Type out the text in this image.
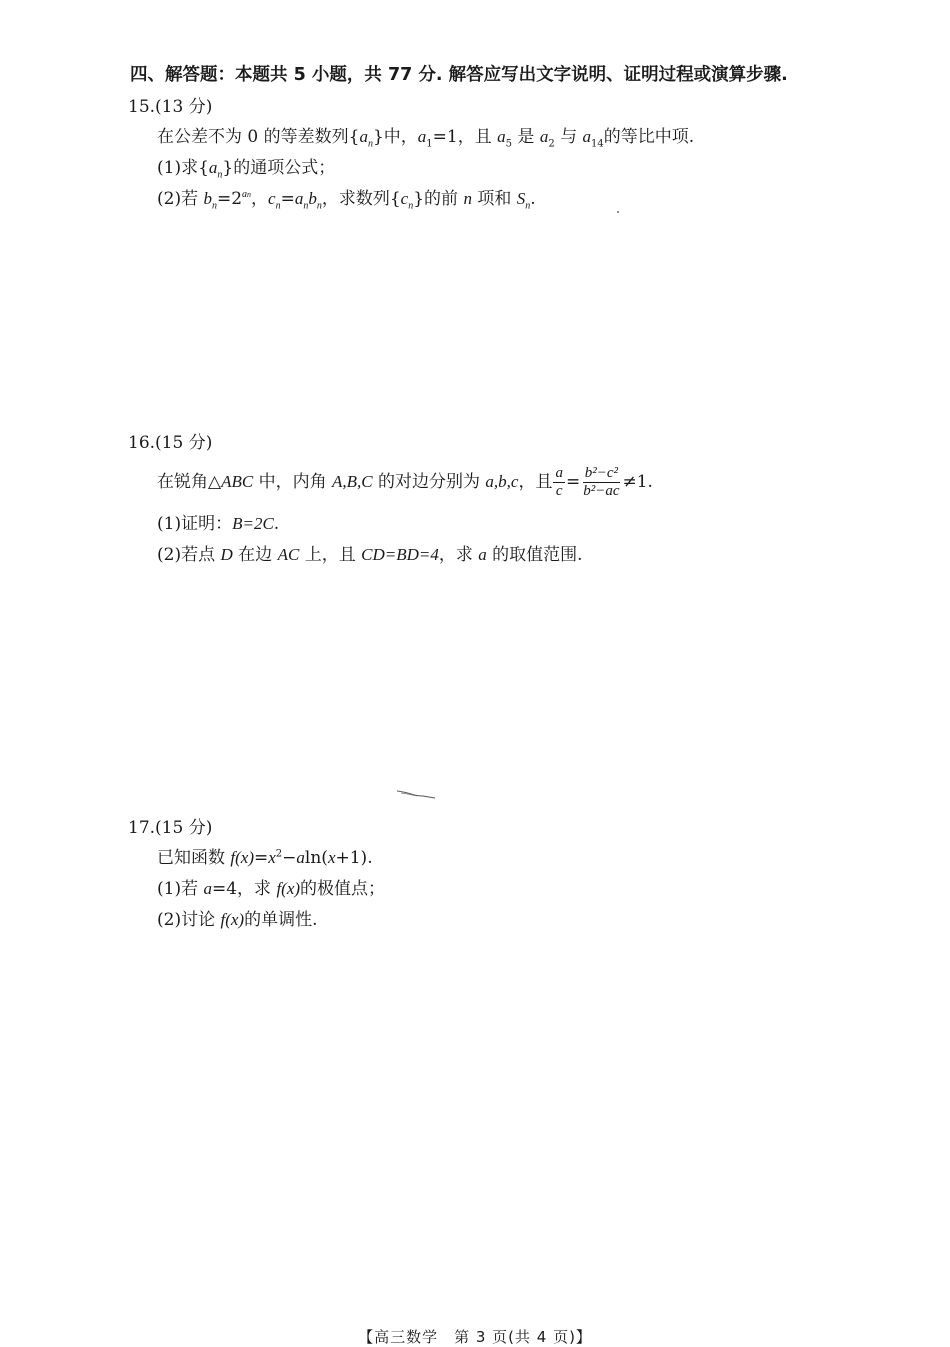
四、解答题：本题共 5 小题，共 77 分. 解答应写出文字说明、证明过程或演算步骤.
15.(13 分)
在公差不为 0 的等差数列$\{a_n\}$中，$a_1=1$，且 $a_5$ 是 $a_2$ 与 $a_{14}$的等比中项.
(1)求$\{a_n\}$的通项公式；
(2)若 $b_n=2^{an}$，$c_n=a_nb_n$，求数列$\{c_n\}$的前 n 项和 $S_n$.
16.(15 分)
在锐角△ABC 中，内角 A,B,C 的对边分别为 a,b,c，且 $\frac{a}{c} = \frac{\text{b²−c²}}{\text{b²−ac}} \ne 1$.
(1)证明：B=2C.
(2)若点 D 在边 AC 上，且 CD=BD=4，求 a 的取值范围.
17.(15 分)
已知函数 $f(x)=x^2-aln(x+1)$.
(1)若 a=4，求 f(x)的极值点；
(2)讨论 f(x)的单调性.
【高三数学　第 3 页(共 4 页)】
